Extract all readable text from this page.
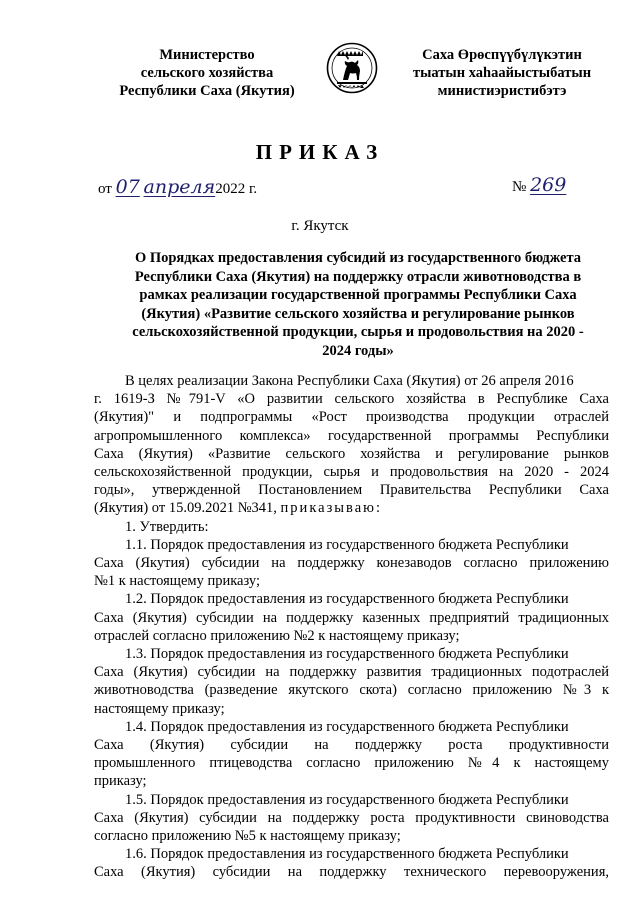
Министерство
сельского хозяйства
Республики Саха (Якутия)
Саха Өрөспүүбүлүкэтин
тыатын хаһаайыстыбатын
министиэристибэтэ
ПРИКАЗ
от 07 апреля2022 г.	№ 269
г. Якутск
О Порядках предоставления субсидий из государственного бюджета
Республики Саха (Якутия) на поддержку отрасли животноводства в
рамках реализации государственной программы Республики Саха
(Якутия) «Развитие сельского хозяйства и регулирование рынков
сельскохозяйственной продукции, сырья и продовольствия на 2020 -
2024 годы»
В целях реализации Закона Республики Саха (Якутия) от 26 апреля 2016
г. 1619-З №791-V «О развитии сельского хозяйства в Республике Саха
(Якутия)" и подпрограммы «Рост производства продукции отраслей
агропромышленного комплекса» государственной программы Республики
Саха (Якутия) «Развитие сельского хозяйства и регулирование рынков
сельскохозяйственной продукции, сырья и продовольствия на 2020 - 2024
годы», утвержденной Постановлением Правительства Республики Саха
(Якутия) от 15.09.2021 №341, приказываю:
1. Утвердить:
1.1. Порядок предоставления из государственного бюджета Республики
Саха (Якутия) субсидии на поддержку конезаводов согласно приложению
№1 к настоящему приказу;
1.2. Порядок предоставления из государственного бюджета Республики
Саха (Якутия) субсидии на поддержку казенных предприятий традиционных
отраслей согласно приложению №2 к настоящему приказу;
1.3. Порядок предоставления из государственного бюджета Республики
Саха (Якутия) субсидии на поддержку развития традиционных подотраслей
животноводства (разведение якутского скота) согласно приложению №3 к
настоящему приказу;
1.4. Порядок предоставления из государственного бюджета Республики
Саха (Якутия) субсидии на поддержку роста продуктивности
промышленного птицеводства согласно приложению №4 к настоящему
приказу;
1.5. Порядок предоставления из государственного бюджета Республики
Саха (Якутия) субсидии на поддержку роста продуктивности свиноводства
согласно приложению №5 к настоящему приказу;
1.6. Порядок предоставления из государственного бюджета Республики
Саха (Якутия) субсидии на поддержку технического перевооружения,
